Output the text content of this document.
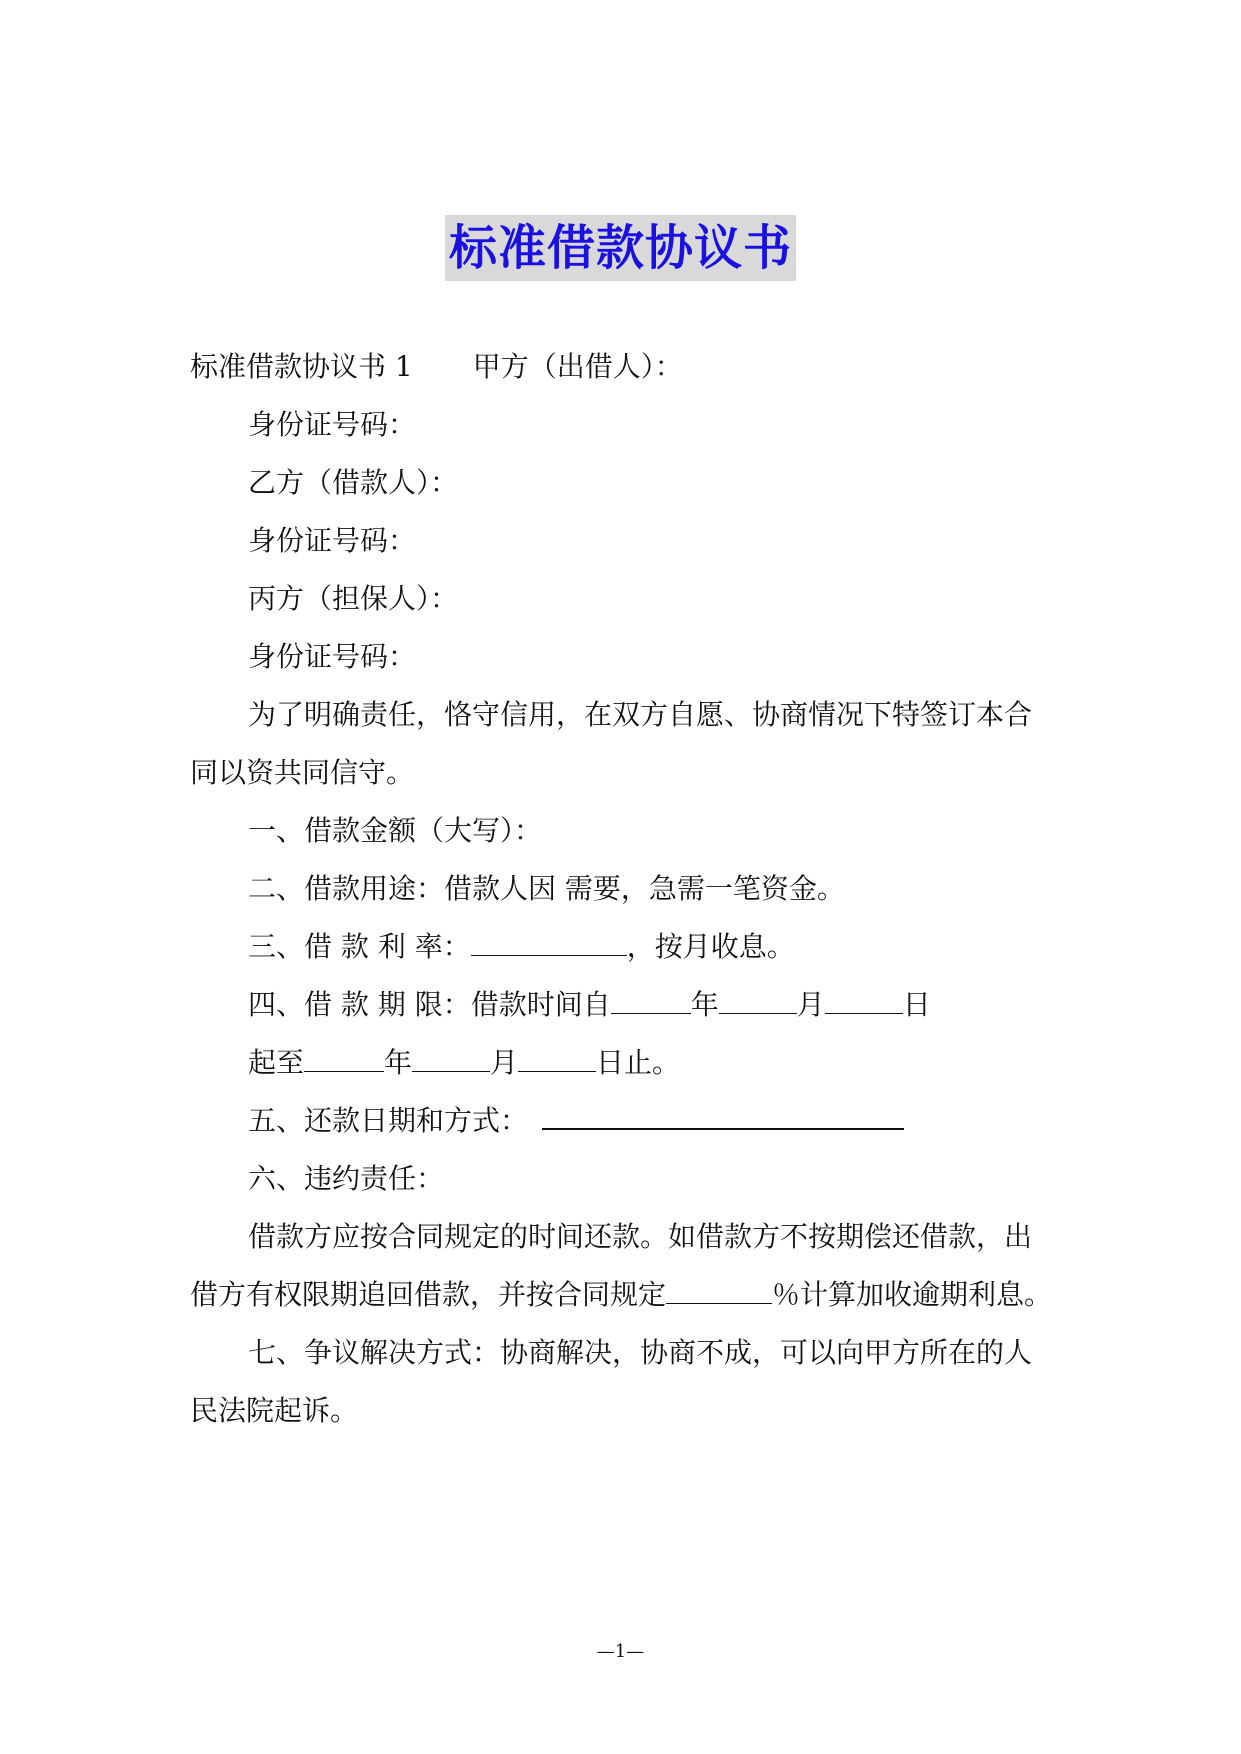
标准借款协议书
标准借款协议书 1 甲方（出借人）：
身份证号码：
乙方（借款人）：
身份证号码：
丙方（担保人）：
身份证号码：
为了明确责任，恪守信用，在双方自愿、协商情况下特签订本合
同以资共同信守。
一、借款金额（大写）：
二、借款用途：借款人因 需要，急需一笔资金。
三、借 款 利 率：	，按月收息。
四、借 款 期 限：借款时间自	年	月	日
起至	年	月	日止。
五、还款日期和方式：
六、违约责任：
借款方应按合同规定的时间还款。如借款方不按期偿还借款，出
借方有权限期追回借款，并按合同规定	％计算加收逾期利息。
七、争议解决方式：协商解决，协商不成，可以向甲方所在的人
民法院起诉。
—1—
